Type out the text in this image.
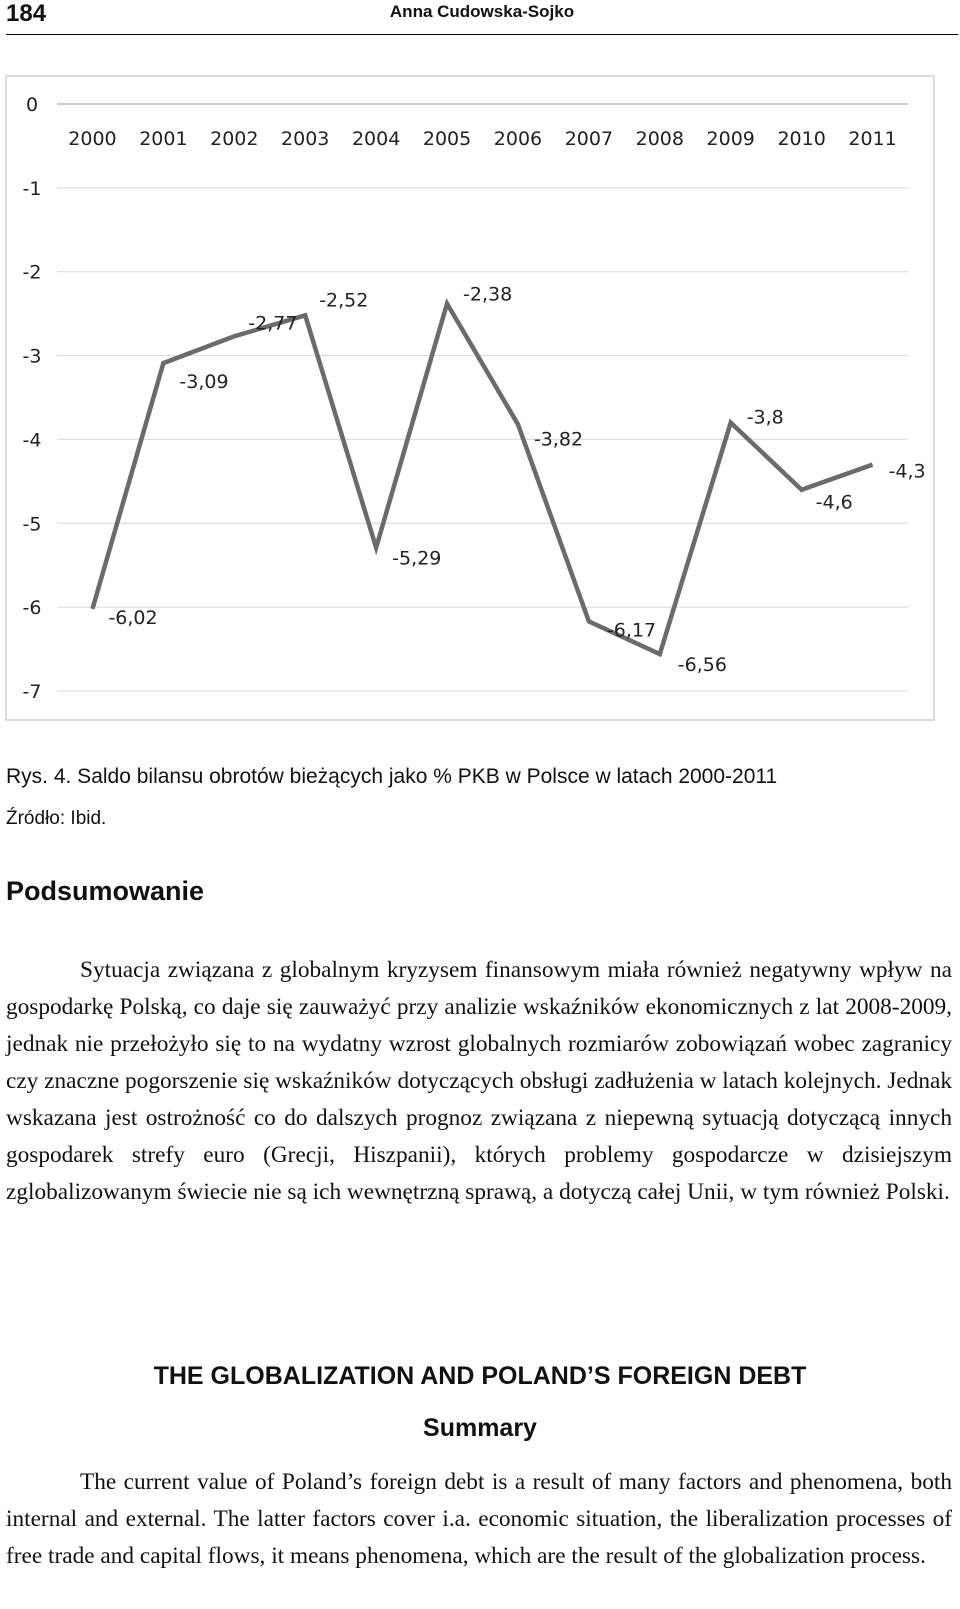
184	Anna Cudowska-Sojko
0
-1
-2
-3
-4
-5
-6
-7
2000 2001 2002 2003 2004 2005 2006 2007 2008 2009 2010 2011
-6,02
-3,09
-2,77
-2,52
-5,29
-2,38
-3,82
-6,17
-6,56
-3,8
-4,6
-4,3
Rys. 4. Saldo bilansu obrotów bieżących jako % PKB w Polsce w latach 2000-2011
Źródło: Ibid.
Podsumowanie

Sytuacja związana z globalnym kryzysem finansowym miała również negatywny wpływ na gospodarkę Polską, co daje się zauważyć przy analizie wskaźników ekonomicznych z lat 2008-2009, jednak nie przełożyło się to na wydatny wzrost globalnych rozmiarów zobowiązań wobec zagranicy czy znaczne pogorszenie się wskaźników dotyczących obsługi zadłużenia w latach kolejnych. Jednak wskazana jest ostrożność co do dalszych prognoz związana z niepewną sytuacją dotyczącą innych gospodarek strefy euro (Grecji, Hiszpanii), których problemy gospodarcze w dzisiejszym zglobalizowanym świecie nie są ich wewnętrzną sprawą, a dotyczą całej Unii, w tym również Polski.

THE GLOBALIZATION AND POLAND’S FOREIGN DEBT
Summary

The current value of Poland’s foreign debt is a result of many factors and phenomena, both internal and external. The latter factors cover i.a. economic situation, the liberalization processes of free trade and capital flows, it means phenomena, which are the result of the globalization process.
